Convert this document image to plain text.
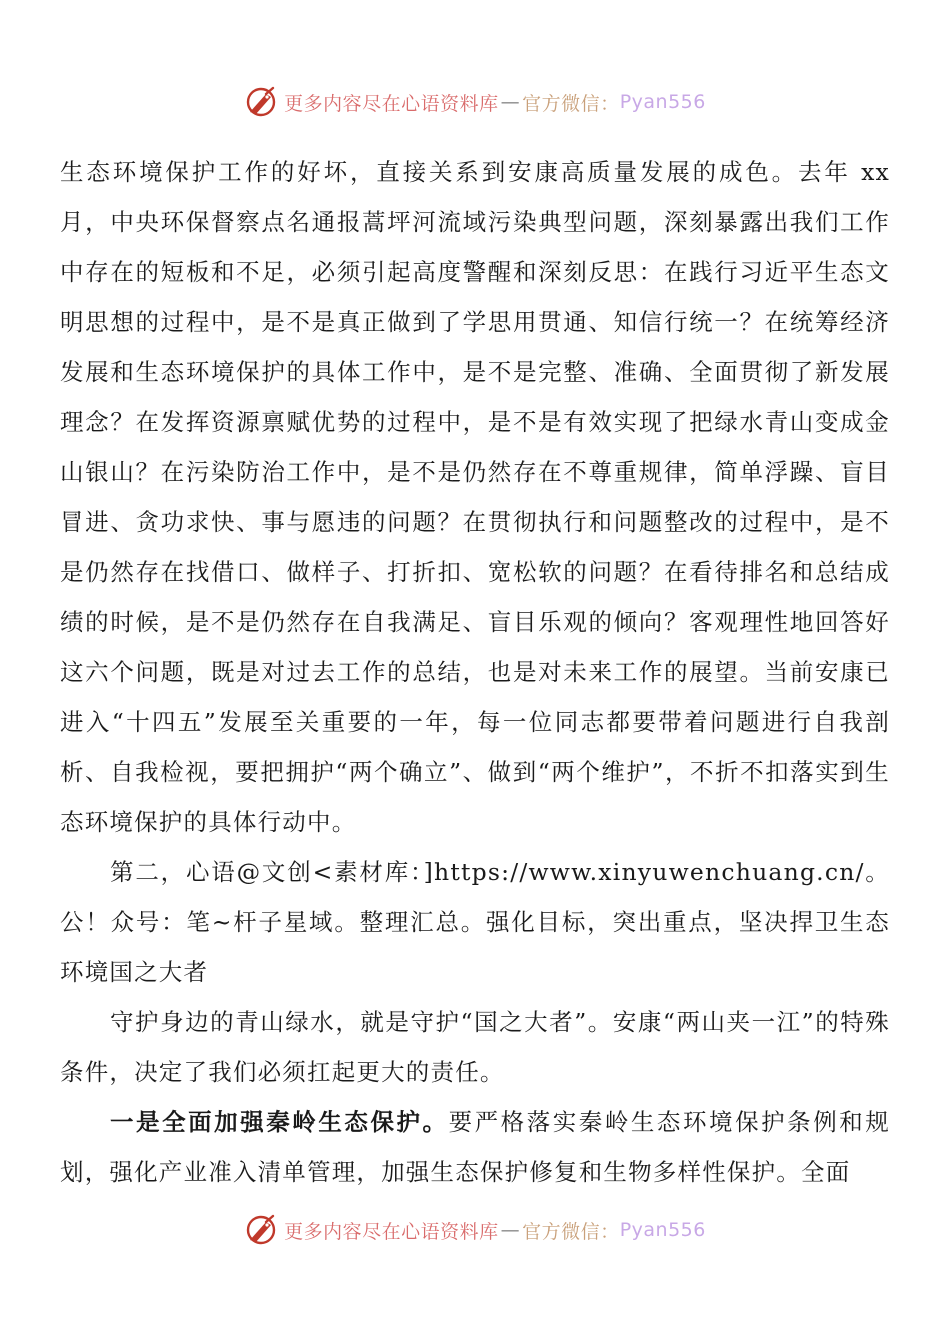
更多内容尽在心语资料库 — 官方微信： Pyan556

生态环境保护工作的好坏，直接关系到安康高质量发展的成色。去年 xx 月，中央环保督察点名通报蒿坪河流域污染典型问题，深刻暴露出我们工作中存在的短板和不足，必须引起高度警醒和深刻反思：在践行习近平生态文明思想的过程中，是不是真正做到了学思用贯通、知信行统一？在统筹经济发展和生态环境保护的具体工作中，是不是完整、准确、全面贯彻了新发展理念？在发挥资源禀赋优势的过程中，是不是有效实现了把绿水青山变成金山银山？在污染防治工作中，是不是仍然存在不尊重规律，简单浮躁、盲目冒进、贪功求快、事与愿违的问题？在贯彻执行和问题整改的过程中，是不是仍然存在找借口、做样子、打折扣、宽松软的问题？在看待排名和总结成绩的时候，是不是仍然存在自我满足、盲目乐观的倾向？客观理性地回答好这六个问题，既是对过去工作的总结，也是对未来工作的展望。当前安康已进入“十四五”发展至关重要的一年，每一位同志都要带着问题进行自我剖析、自我检视，要把拥护“两个确立”、做到“两个维护”，不折不扣落实到生态环境保护的具体行动中。

第二，心语@文创<素材库：]https://www.xinyuwenchuang.cn/。公！众号：笔~杆子星域。整理汇总。强化目标，突出重点，坚决捍卫生态环境国之大者

守护身边的青山绿水，就是守护“国之大者”。安康“两山夹一江”的特殊条件，决定了我们必须扛起更大的责任。

一是全面加强秦岭生态保护。要严格落实秦岭生态环境保护条例和规划，强化产业准入清单管理，加强生态保护修复和生物多样性保护。全面

更多内容尽在心语资料库 — 官方微信： Pyan556
